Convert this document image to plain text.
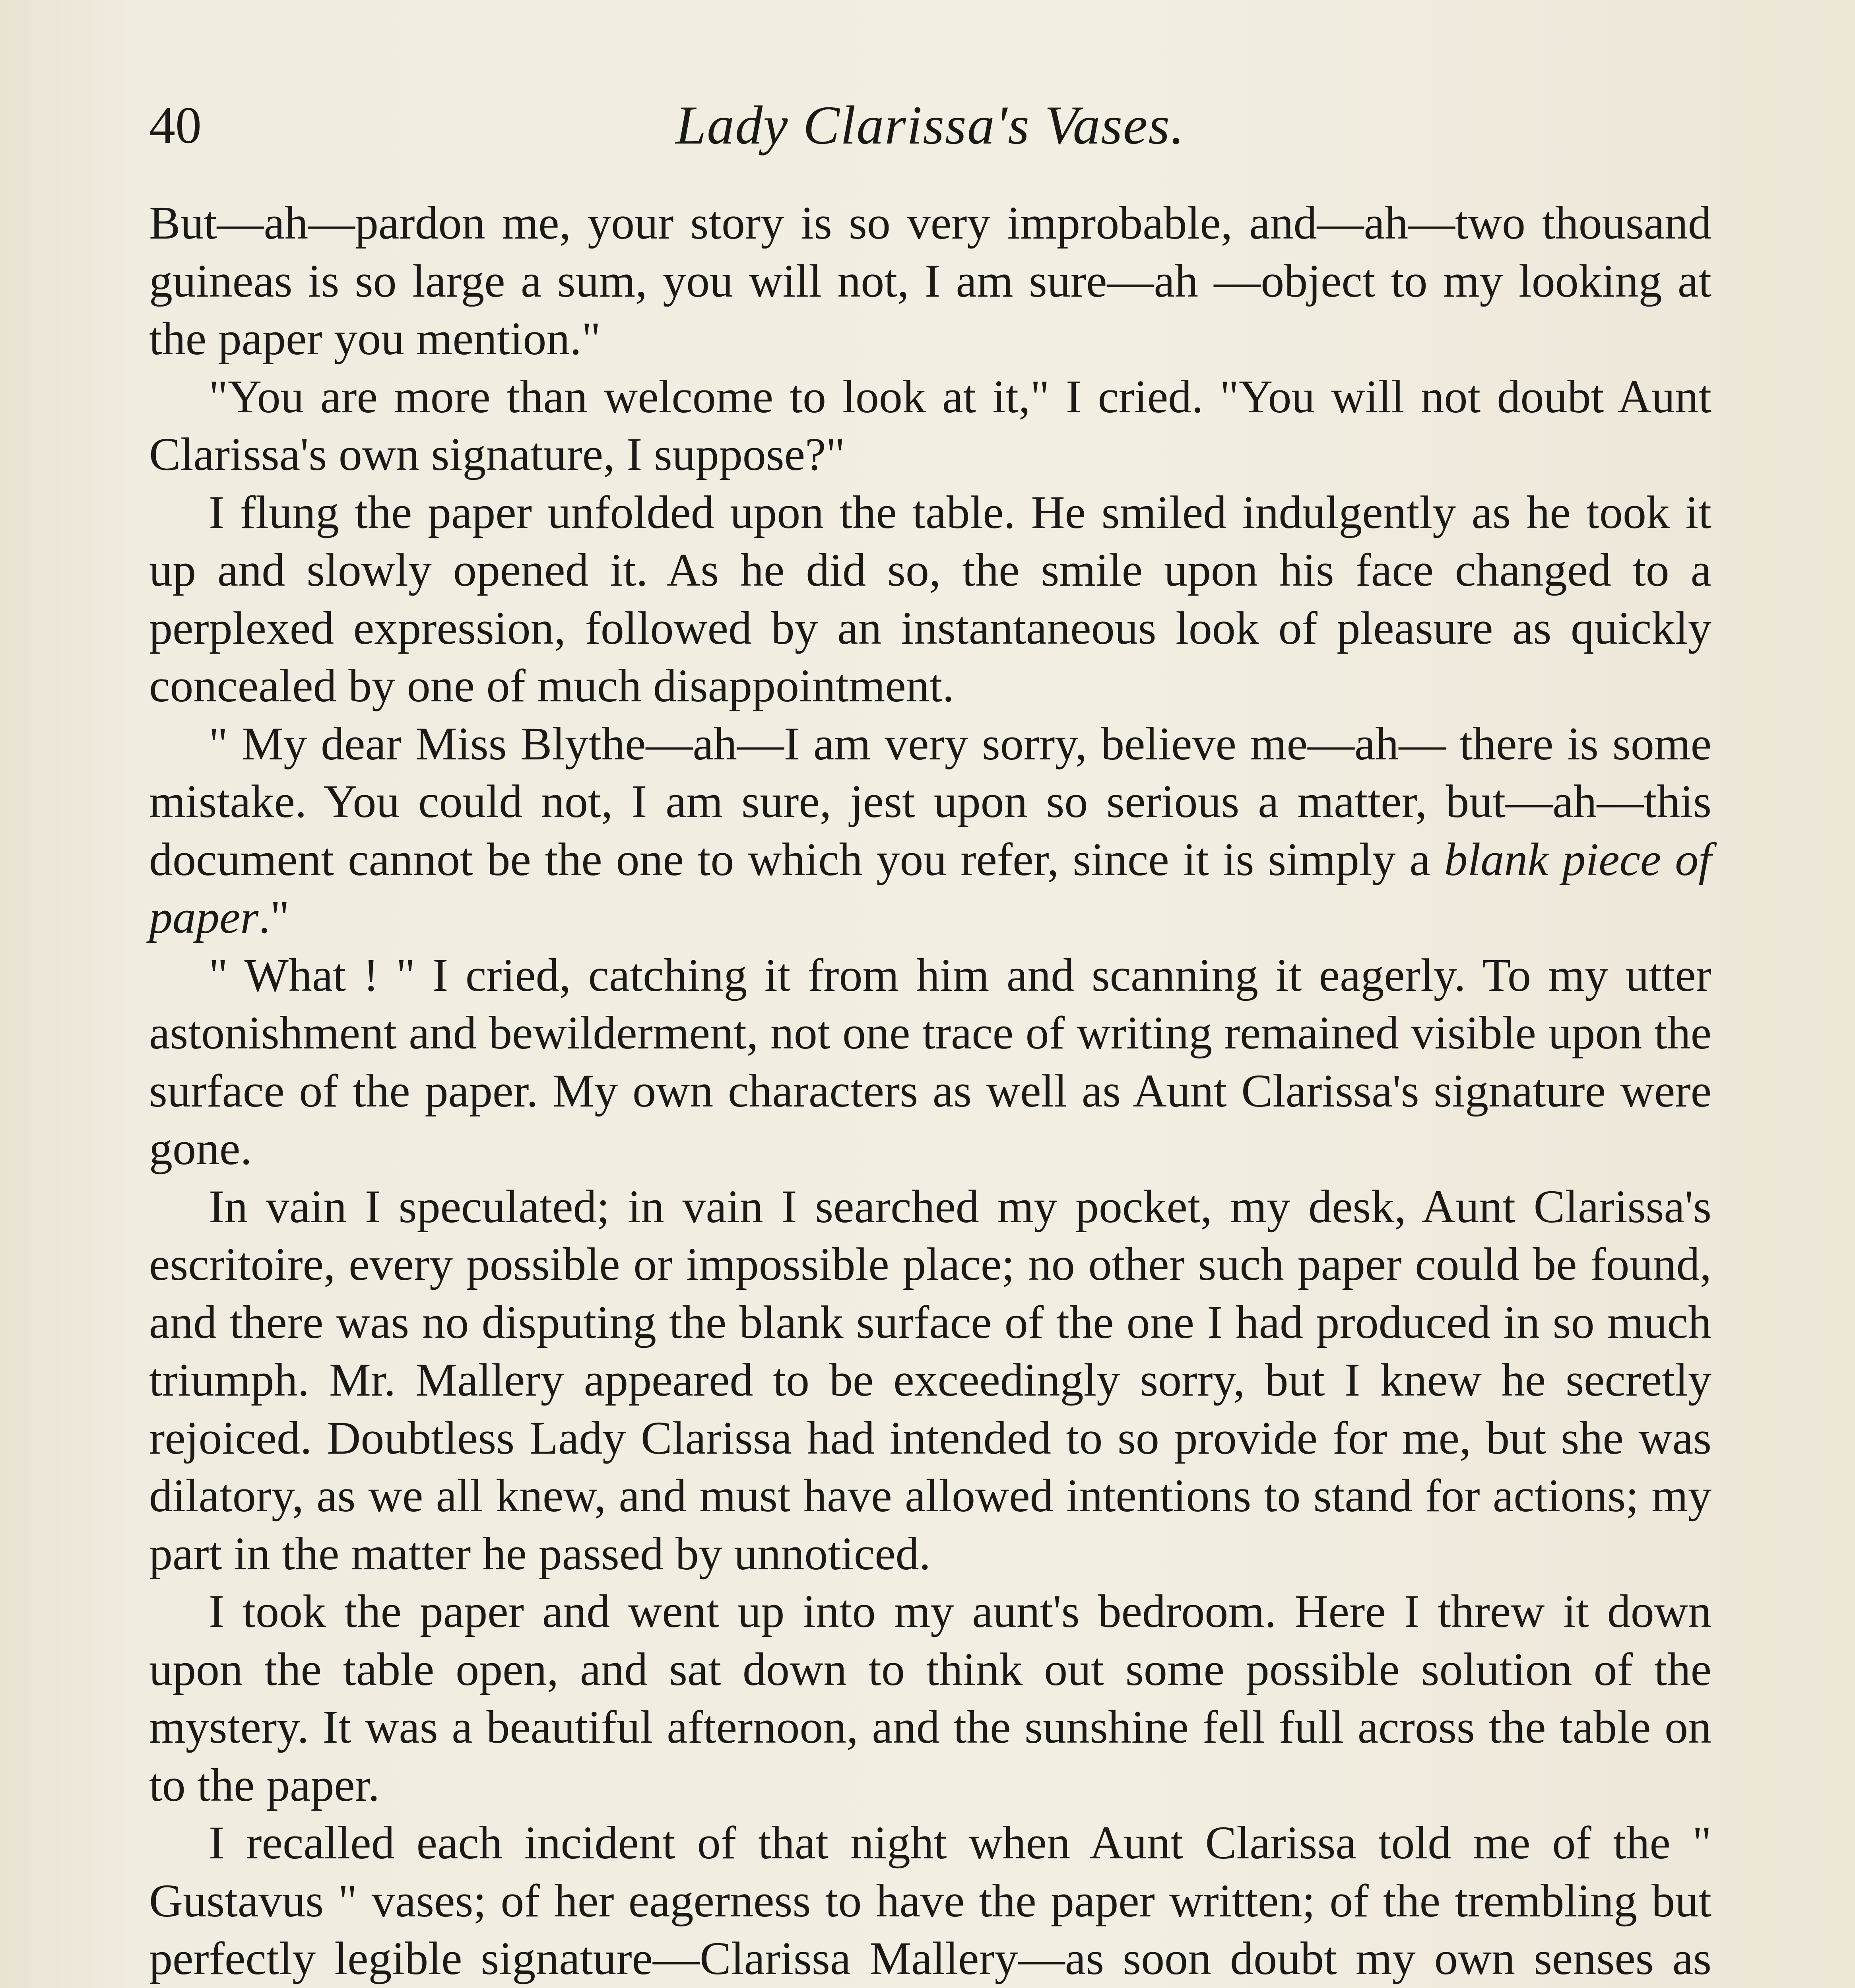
40	Lady Clarissa's Vases.

But—ah—pardon me, your story is so very improbable, and—ah—two thousand guineas is so large a sum, you will not, I am sure—ah —object to my looking at the paper you mention."

"You are more than welcome to look at it," I cried. "You will not doubt Aunt Clarissa's own signature, I suppose?"

I flung the paper unfolded upon the table. He smiled indulgently as he took it up and slowly opened it. As he did so, the smile upon his face changed to a perplexed expression, followed by an instantaneous look of pleasure as quickly concealed by one of much disappointment.

" My dear Miss Blythe—ah—I am very sorry, believe me—ah— there is some mistake. You could not, I am sure, jest upon so serious a matter, but—ah—this document cannot be the one to which you refer, since it is simply a blank piece of paper."

" What ! " I cried, catching it from him and scanning it eagerly. To my utter astonishment and bewilderment, not one trace of writing remained visible upon the surface of the paper. My own characters as well as Aunt Clarissa's signature were gone.

In vain I speculated; in vain I searched my pocket, my desk, Aunt Clarissa's escritoire, every possible or impossible place; no other such paper could be found, and there was no disputing the blank surface of the one I had produced in so much triumph. Mr. Mallery appeared to be exceedingly sorry, but I knew he secretly rejoiced. Doubtless Lady Clarissa had intended to so provide for me, but she was dilatory, as we all knew, and must have allowed intentions to stand for actions; my part in the matter he passed by unnoticed.

I took the paper and went up into my aunt's bedroom. Here I threw it down upon the table open, and sat down to think out some possible solution of the mystery. It was a beautiful afternoon, and the sunshine fell full across the table on to the paper.

I recalled each incident of that night when Aunt Clarissa told me of the " Gustavus " vases; of her eagerness to have the paper written; of the trembling but perfectly legible signature—Clarissa Mallery—as soon doubt my own senses as
